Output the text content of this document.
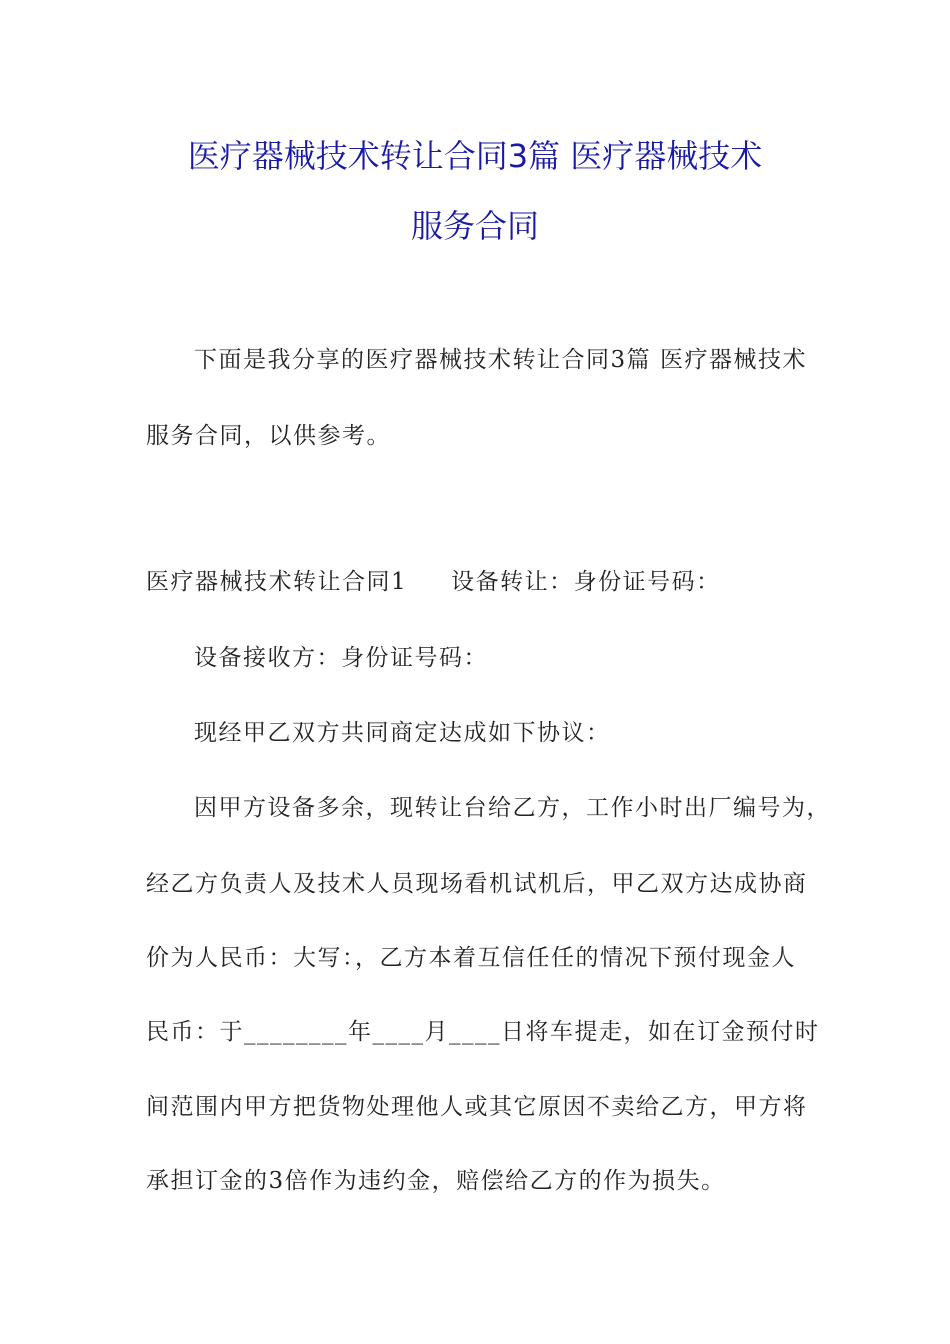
医疗器械技术转让合同3篇 医疗器械技术
服务合同
下面是我分享的医疗器械技术转让合同3篇 医疗器械技术
服务合同，以供参考。
医疗器械技术转让合同1 设备转让：身份证号码：
设备接收方：身份证号码：
现经甲乙双方共同商定达成如下协议：
因甲方设备多余，现转让台给乙方，工作小时出厂编号为，
经乙方负责人及技术人员现场看机试机后，甲乙双方达成协商
价为人民币：大写：，乙方本着互信任任的情况下预付现金人
民币：于________年____月____日将车提走，如在订金预付时
间范围内甲方把货物处理他人或其它原因不卖给乙方，甲方将
承担订金的3倍作为违约金，赔偿给乙方的作为损失。
